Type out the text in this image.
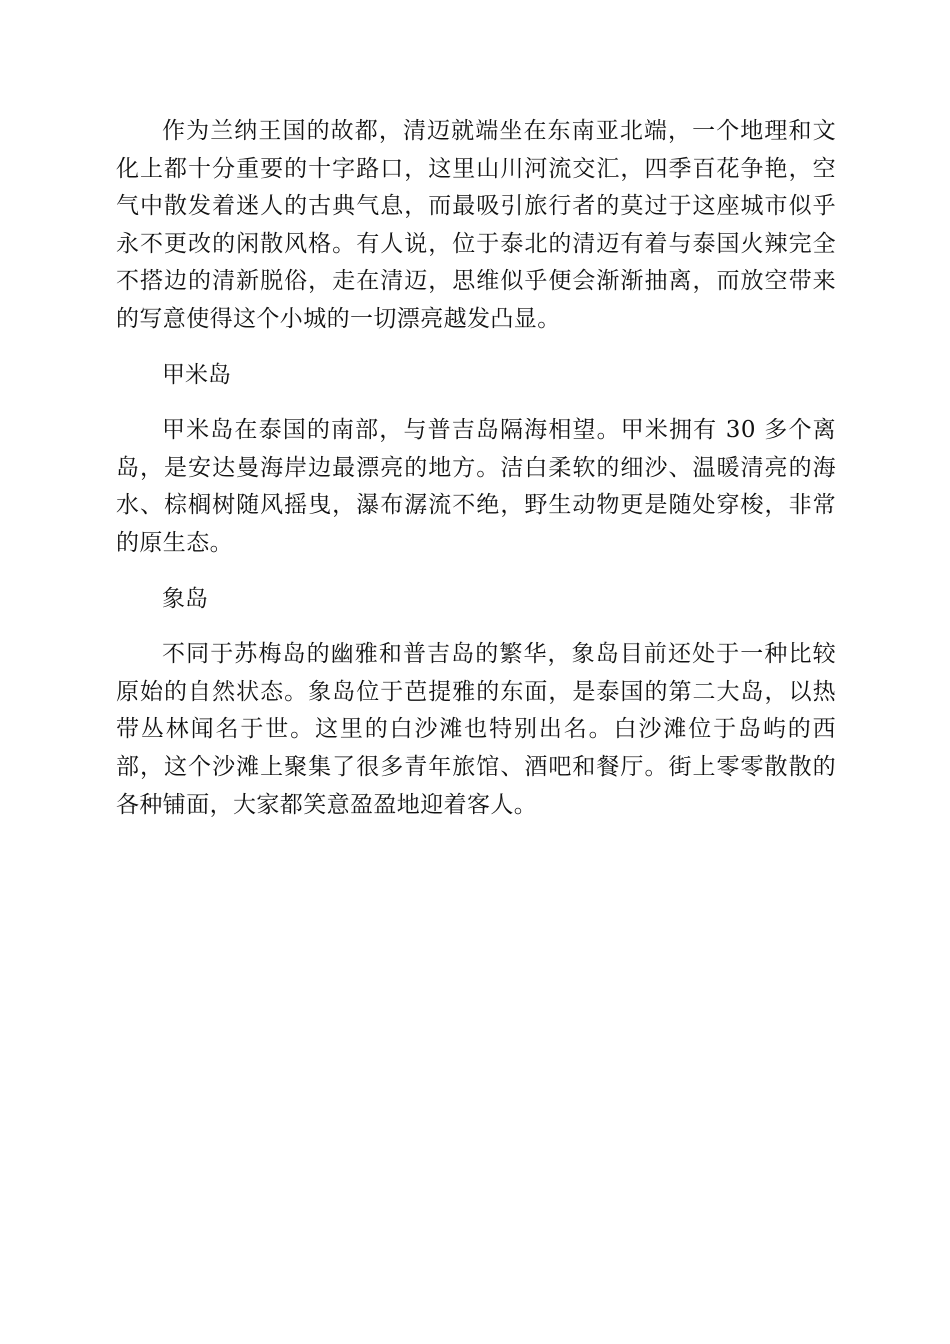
作为兰纳王国的故都，清迈就端坐在东南亚北端，一个地理和文化上都十分重要的十字路口，这里山川河流交汇，四季百花争艳，空气中散发着迷人的古典气息，而最吸引旅行者的莫过于这座城市似乎永不更改的闲散风格。有人说，位于泰北的清迈有着与泰国火辣完全不搭边的清新脱俗，走在清迈，思维似乎便会渐渐抽离，而放空带来的写意使得这个小城的一切漂亮越发凸显。

甲米岛

甲米岛在泰国的南部，与普吉岛隔海相望。甲米拥有 30 多个离岛，是安达曼海岸边最漂亮的地方。洁白柔软的细沙、温暖清亮的海水、棕榈树随风摇曳，瀑布潺流不绝，野生动物更是随处穿梭，非常的原生态。

象岛

不同于苏梅岛的幽雅和普吉岛的繁华，象岛目前还处于一种比较原始的自然状态。象岛位于芭提雅的东面，是泰国的第二大岛，以热带丛林闻名于世。这里的白沙滩也特别出名。白沙滩位于岛屿的西部，这个沙滩上聚集了很多青年旅馆、酒吧和餐厅。街上零零散散的各种铺面，大家都笑意盈盈地迎着客人。
